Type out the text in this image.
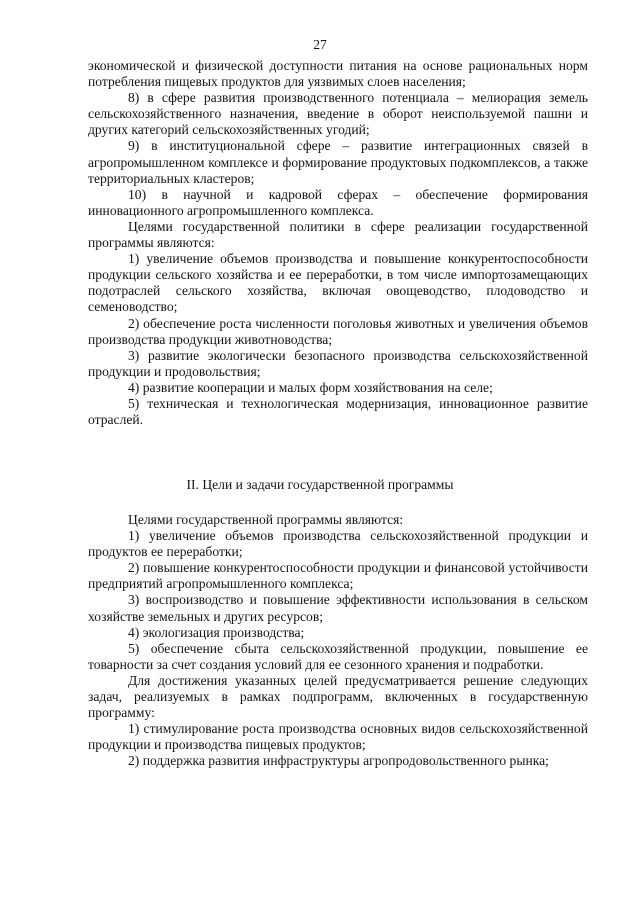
27

экономической и физической доступности питания на основе рациональных норм потребления пищевых продуктов для уязвимых слоев населения;

8) в сфере развития производственного потенциала – мелиорация земель сельскохозяйственного назначения, введение в оборот неиспользуемой пашни и других категорий сельскохозяйственных угодий;

9) в институциональной сфере – развитие интеграционных связей в агропромышленном комплексе и формирование продуктовых подкомплексов, а также территориальных кластеров;

10) в научной и кадровой сферах – обеспечение формирования инновационного агропромышленного комплекса.

Целями государственной политики в сфере реализации государственной программы являются:

1) увеличение объемов производства и повышение конкурентоспособности продукции сельского хозяйства и ее переработки, в том числе импортозамещающих подотраслей сельского хозяйства, включая овощеводство, плодоводство и семеноводство;

2) обеспечение роста численности поголовья животных и увеличения объемов производства продукции животноводства;

3) развитие экологически безопасного производства сельскохозяйственной продукции и продовольствия;

4) развитие кооперации и малых форм хозяйствования на селе;

5) техническая и технологическая модернизация, инновационное развитие отраслей.

II. Цели и задачи государственной программы

Целями государственной программы являются:

1) увеличение объемов производства сельскохозяйственной продукции и продуктов ее переработки;

2) повышение конкурентоспособности продукции и финансовой устойчивости предприятий агропромышленного комплекса;

3) воспроизводство и повышение эффективности использования в сельском хозяйстве земельных и других ресурсов;

4) экологизация производства;

5) обеспечение сбыта сельскохозяйственной продукции, повышение ее товарности за счет создания условий для ее сезонного хранения и подработки.

Для достижения указанных целей предусматривается решение следующих задач, реализуемых в рамках подпрограмм, включенных в государственную программу:

1) стимулирование роста производства основных видов сельскохозяйственной продукции и производства пищевых продуктов;

2) поддержка развития инфраструктуры агропродовольственного рынка;
